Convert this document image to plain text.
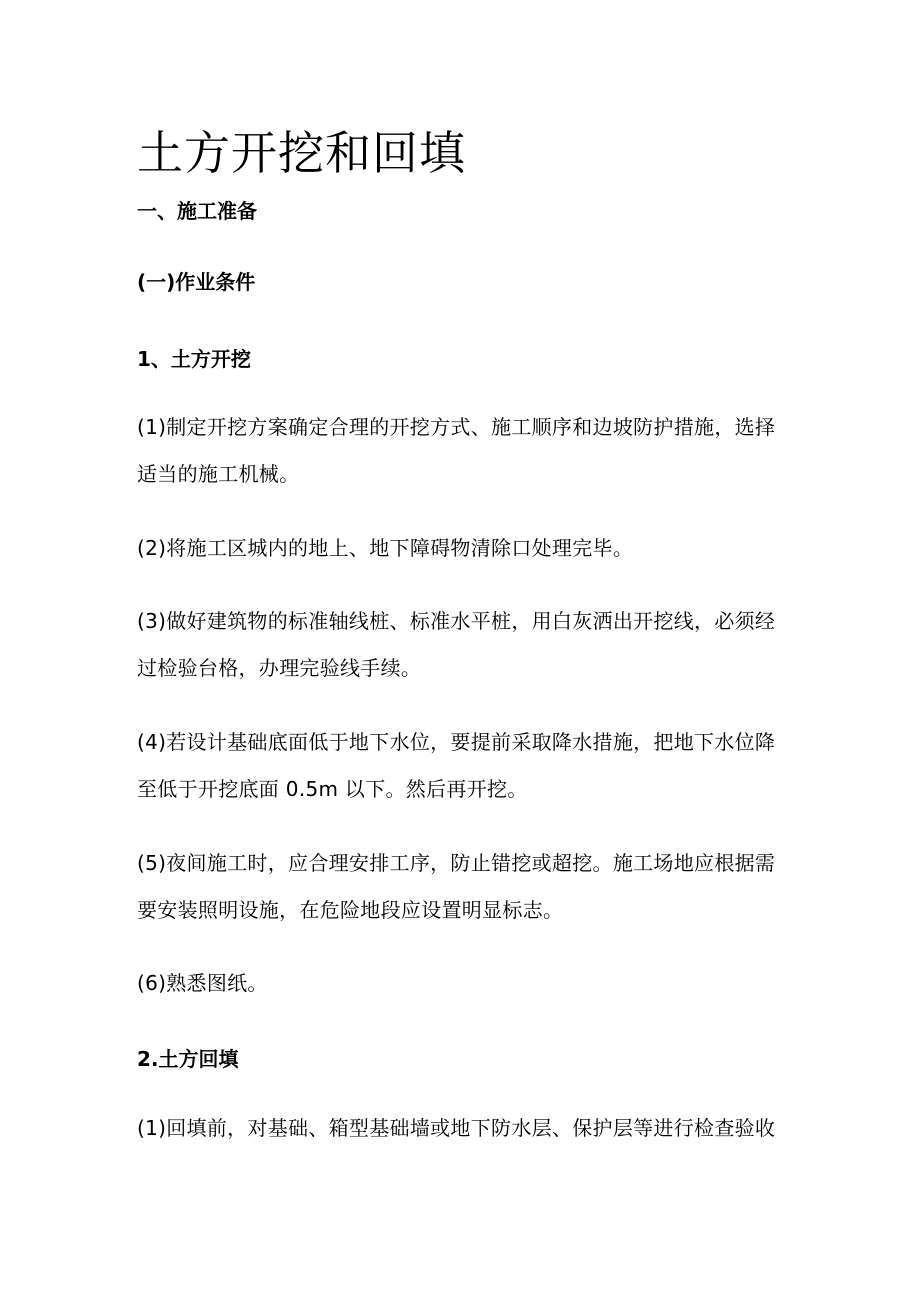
土方开挖和回填
一、施工准备
(一)作业条件
1、土方开挖

(1)制定开挖方案确定合理的开挖方式、施工顺序和边坡防护措施，选择
适当的施工机械。

(2)将施工区城内的地上、地下障碍物清除口处理完毕。

(3)做好建筑物的标准轴线桩、标准水平桩，用白灰洒出开挖线，必须经
过检验台格，办理完验线手续。

(4)若设计基础底面低于地下水位，要提前采取降水措施，把地下水位降
至低于开挖底面 0.5m 以下。然后再开挖。

(5)夜间施工时，应合理安排工序，防止错挖或超挖。施工场地应根据需
要安装照明设施，在危险地段应设置明显标志。

(6)熟悉图纸。

2.土方回填

(1)回填前，对基础、箱型基础墙或地下防水层、保护层等进行检查验收
